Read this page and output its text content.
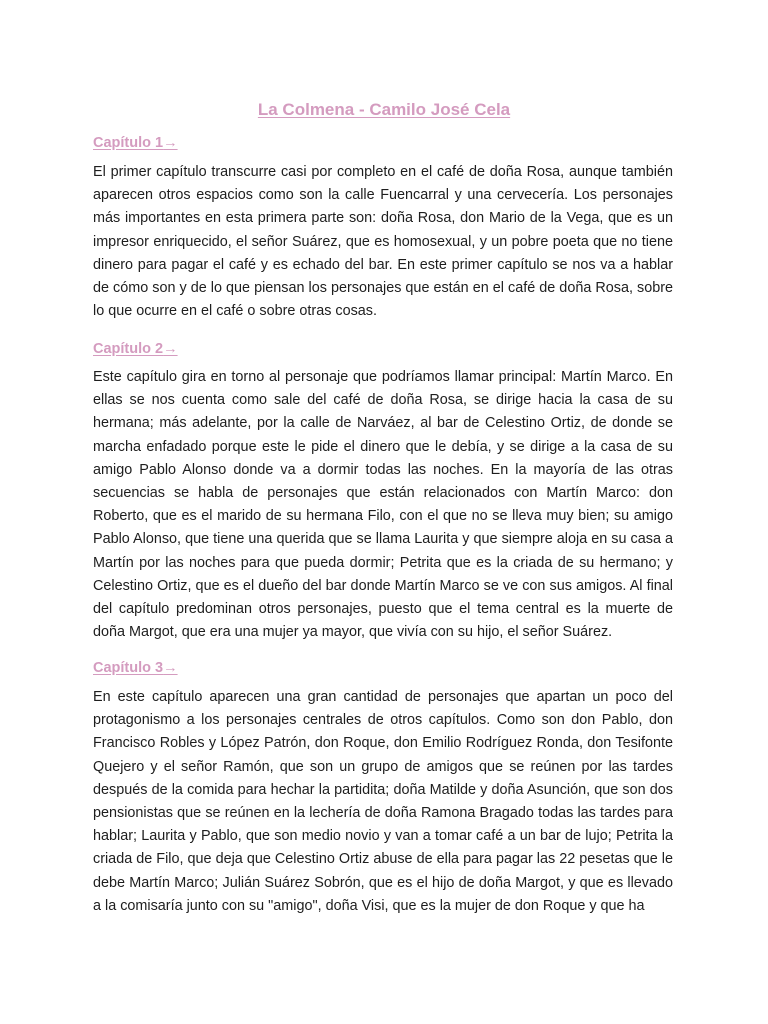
La Colmena - Camilo José Cela
Capítulo 1→

El primer capítulo transcurre casi por completo en el café de doña Rosa, aunque también aparecen otros espacios como son la calle Fuencarral y una cervecería. Los personajes más importantes en esta primera parte son: doña Rosa, don Mario de la Vega, que es un impresor enriquecido, el señor Suárez, que es homosexual, y un pobre poeta que no tiene dinero para pagar el café y es echado del bar. En este primer capítulo se nos va a hablar de cómo son y de lo que piensan los personajes que están en el café de doña Rosa, sobre lo que ocurre en el café o sobre otras cosas.

Capítulo 2→

Este capítulo gira en torno al personaje que podríamos llamar principal: Martín Marco. En ellas se nos cuenta como sale del café de doña Rosa, se dirige hacia la casa de su hermana; más adelante, por la calle de Narváez, al bar de Celestino Ortiz, de donde se marcha enfadado porque este le pide el dinero que le debía, y se dirige a la casa de su amigo Pablo Alonso donde va a dormir todas las noches. En la mayoría de las otras secuencias se habla de personajes que están relacionados con Martín Marco: don Roberto, que es el marido de su hermana Filo, con el que no se lleva muy bien; su amigo Pablo Alonso, que tiene una querida que se llama Laurita y que siempre aloja en su casa a Martín por las noches para que pueda dormir; Petrita que es la criada de su hermano; y Celestino Ortiz, que es el dueño del bar donde Martín Marco se ve con sus amigos. Al final del capítulo predominan otros personajes, puesto que el tema central es la muerte de doña Margot, que era una mujer ya mayor, que vivía con su hijo, el señor Suárez.

Capítulo 3→

En este capítulo aparecen una gran cantidad de personajes que apartan un poco del protagonismo a los personajes centrales de otros capítulos. Como son don Pablo, don Francisco Robles y López Patrón, don Roque, don Emilio Rodríguez Ronda, don Tesifonte Quejero y el señor Ramón, que son un grupo de amigos que se reúnen por las tardes después de la comida para hechar la partidita; doña Matilde y doña Asunción, que son dos pensionistas que se reúnen en la lechería de doña Ramona Bragado todas las tardes para hablar; Laurita y Pablo, que son medio novio y van a tomar café a un bar de lujo; Petrita la criada de Filo, que deja que Celestino Ortiz abuse de ella para pagar las 22 pesetas que le debe Martín Marco; Julián Suárez Sobrón, que es el hijo de doña Margot, y que es llevado a la comisaría junto con su "amigo", doña Visi, que es la mujer de don Roque y que ha
